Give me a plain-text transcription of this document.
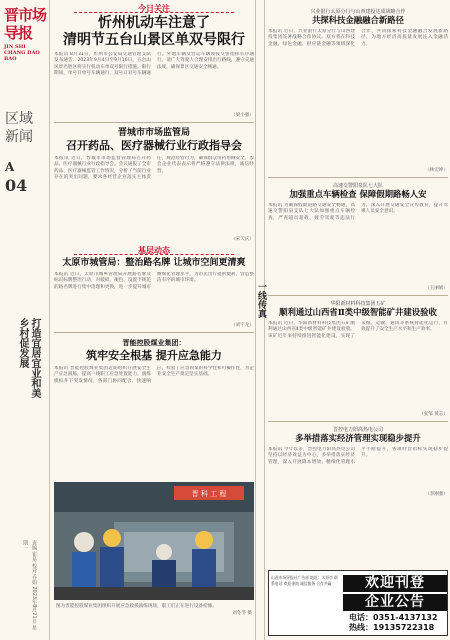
晋市场导报
JIN SHI CHANG DAO BAO
区域新闻
A
04
打造宜居宜业和美乡村促发展
责编 崔易 校对 乔娟 2023年8月21日 星期一
今日关注
忻州机动车注意了
清明节五台山景区单双号限行
本报讯 8月31日，忻州市公安局交通管理支队发布通告：2023年9月4日至9月16日，五台山风景名胜区将实行机动车单双号限行措施。限行期间，单号日单号车辆通行，双号日双号车辆通行。外地车辆及营运车辆须按交警指挥有序通行。请广大驾驶人合理安排出行路线，遵守交通法规，确保景区交通安全畅通。
（梁小强）
晋城市市场监管局
召开药品、医疗器械行业行政指导会
本报讯 近日，晋城市市场监督管理局召开药品、医疗器械行业行政指导会。会议通报了全市药品、医疗器械监管工作情况，分析了当前行业存在的突出问题，要求各经营企业落实主体责任，规范经营行为，确保群众用药用械安全。参会企业代表表示将严格遵守法律法规，诚信经营。
（宋天庆）
基层动态
太原市城管局：整治路名牌 让城市空间更清爽
本报讯 近日，太原市城乡管理局开展路名牌及标识标牌整治行动，对破损、褪色、设置不规范的路名牌进行集中清理和更换，进一步提升城市精细化管理水平，为市民出行提供便利，营造整洁有序的城市环境。
（刘宇龙）
晋能控股煤业集团：
筑牢安全根基 提升应急能力
本报讯 晋能控股煤业集团近期组织开展安全生产应急演练，提高一线职工应急处置能力。演练模拟井下突发情况，各部门协同配合、快速响应，检验了应急预案的科学性和可操作性，为企业安全生产奠定坚实基础。
晋 科 工 程
图为晋能控股煤业集团组织开展应急救援演练现场，职工们正在进行设备检修。
刘冬冬 摄
一线传真
兴业银行太原分行与山西建投达成战略合作
共探科技金融融合新路径
本报讯 近日，兴业银行太原分行与山西建投集团签署战略合作协议。双方将在科技金融、绿色金融、供应链金融等领域深化合作，共同探索科技金融融合发展新路径，为地方经济高质量发展注入金融活力。
（林宏坤）
高速交警阳泉队七大队
加强重点车辆检查 保障假期路畅人安
本报讯 为确保假期道路交通安全畅通，高速交警阳泉支队七大队加强重点车辆检查，严查超员超载、疲劳驾驶等违法行为，深入开展交通安全宣传教育，提升驾乘人员安全意识。
（王丽娟）
华阳新材料科技集团五矿
顺利通过山西省Ⅱ类中级智能矿井建设验收
本报讯 近日，华阳新材料科技集团五矿顺利通过山西省Ⅱ类中级智能矿井建设验收。该矿近年来持续推进智能化建设，实现了采掘、运输、通风等系统智能化运行，有效提升了安全生产水平和生产效率。
（张邹 黄志）
晋控电力阳高热电公司
多举措落实经济管理实现稳步提升
本报讯 今年以来，晋控电力阳高热电公司坚持以经济效益为中心，多举措落实经济管理，深入开展降本增效，精细化管理水平不断提升，各项经营指标实现稳步提升。
（李刚强）
山西市场导报社广告部 地址：太原市 联系电话 欢迎垂询 诚信服务 合作共赢	欢迎刊登
企业公告
电话：0351-4137132
热线：19135722318
